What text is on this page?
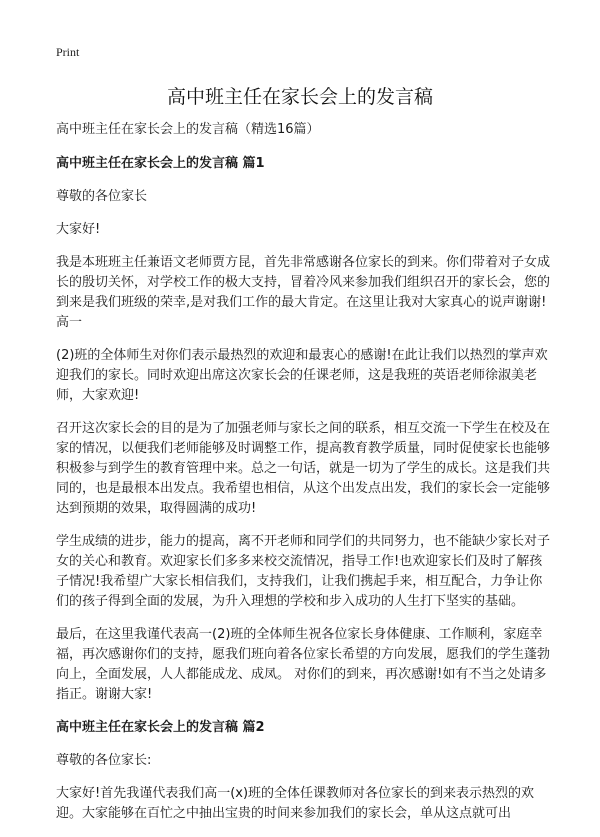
Print
高中班主任在家长会上的发言稿

高中班主任在家长会上的发言稿（精选16篇）

高中班主任在家长会上的发言稿 篇1

尊敬的各位家长

大家好!

我是本班班主任兼语文老师贾方昆，首先非常感谢各位家长的到来。你们带着对子女成长的殷切关怀，对学校工作的极大支持，冒着冷风来参加我们组织召开的家长会，您的到来是我们班级的荣幸,是对我们工作的最大肯定。在这里让我对大家真心的说声谢谢!高一

(2)班的全体师生对你们表示最热烈的欢迎和最衷心的感谢!在此让我们以热烈的掌声欢迎我们的家长。同时欢迎出席这次家长会的任课老师，这是我班的英语老师徐淑美老师，大家欢迎!

召开这次家长会的目的是为了加强老师与家长之间的联系，相互交流一下学生在校及在家的情况，以便我们老师能够及时调整工作，提高教育教学质量，同时促使家长也能够积极参与到学生的教育管理中来。总之一句话，就是一切为了学生的成长。这是我们共同的，也是最根本出发点。我希望也相信，从这个出发点出发，我们的家长会一定能够达到预期的效果，取得圆满的成功!

学生成绩的进步，能力的提高，离不开老师和同学们的共同努力，也不能缺少家长对子女的关心和教育。欢迎家长们多多来校交流情况，指导工作!也欢迎家长们及时了解孩子情况!我希望广大家长相信我们，支持我们，让我们携起手来，相互配合，力争让你们的孩子得到全面的发展，为升入理想的学校和步入成功的人生打下坚实的基础。

最后，在这里我谨代表高一(2)班的全体师生祝各位家长身体健康、工作顺利，家庭幸福，再次感谢你们的支持，愿我们班向着各位家长希望的方向发展，愿我们的学生蓬勃向上，全面发展，人人都能成龙、成凤。 对你们的到来，再次感谢!如有不当之处请多指正。谢谢大家!

高中班主任在家长会上的发言稿 篇2

尊敬的各位家长:

大家好!首先我谨代表我们高一(x)班的全体任课教师对各位家长的到来表示热烈的欢迎。大家能够在百忙之中抽出宝贵的时间来参加我们的家长会，单从这点就可出
